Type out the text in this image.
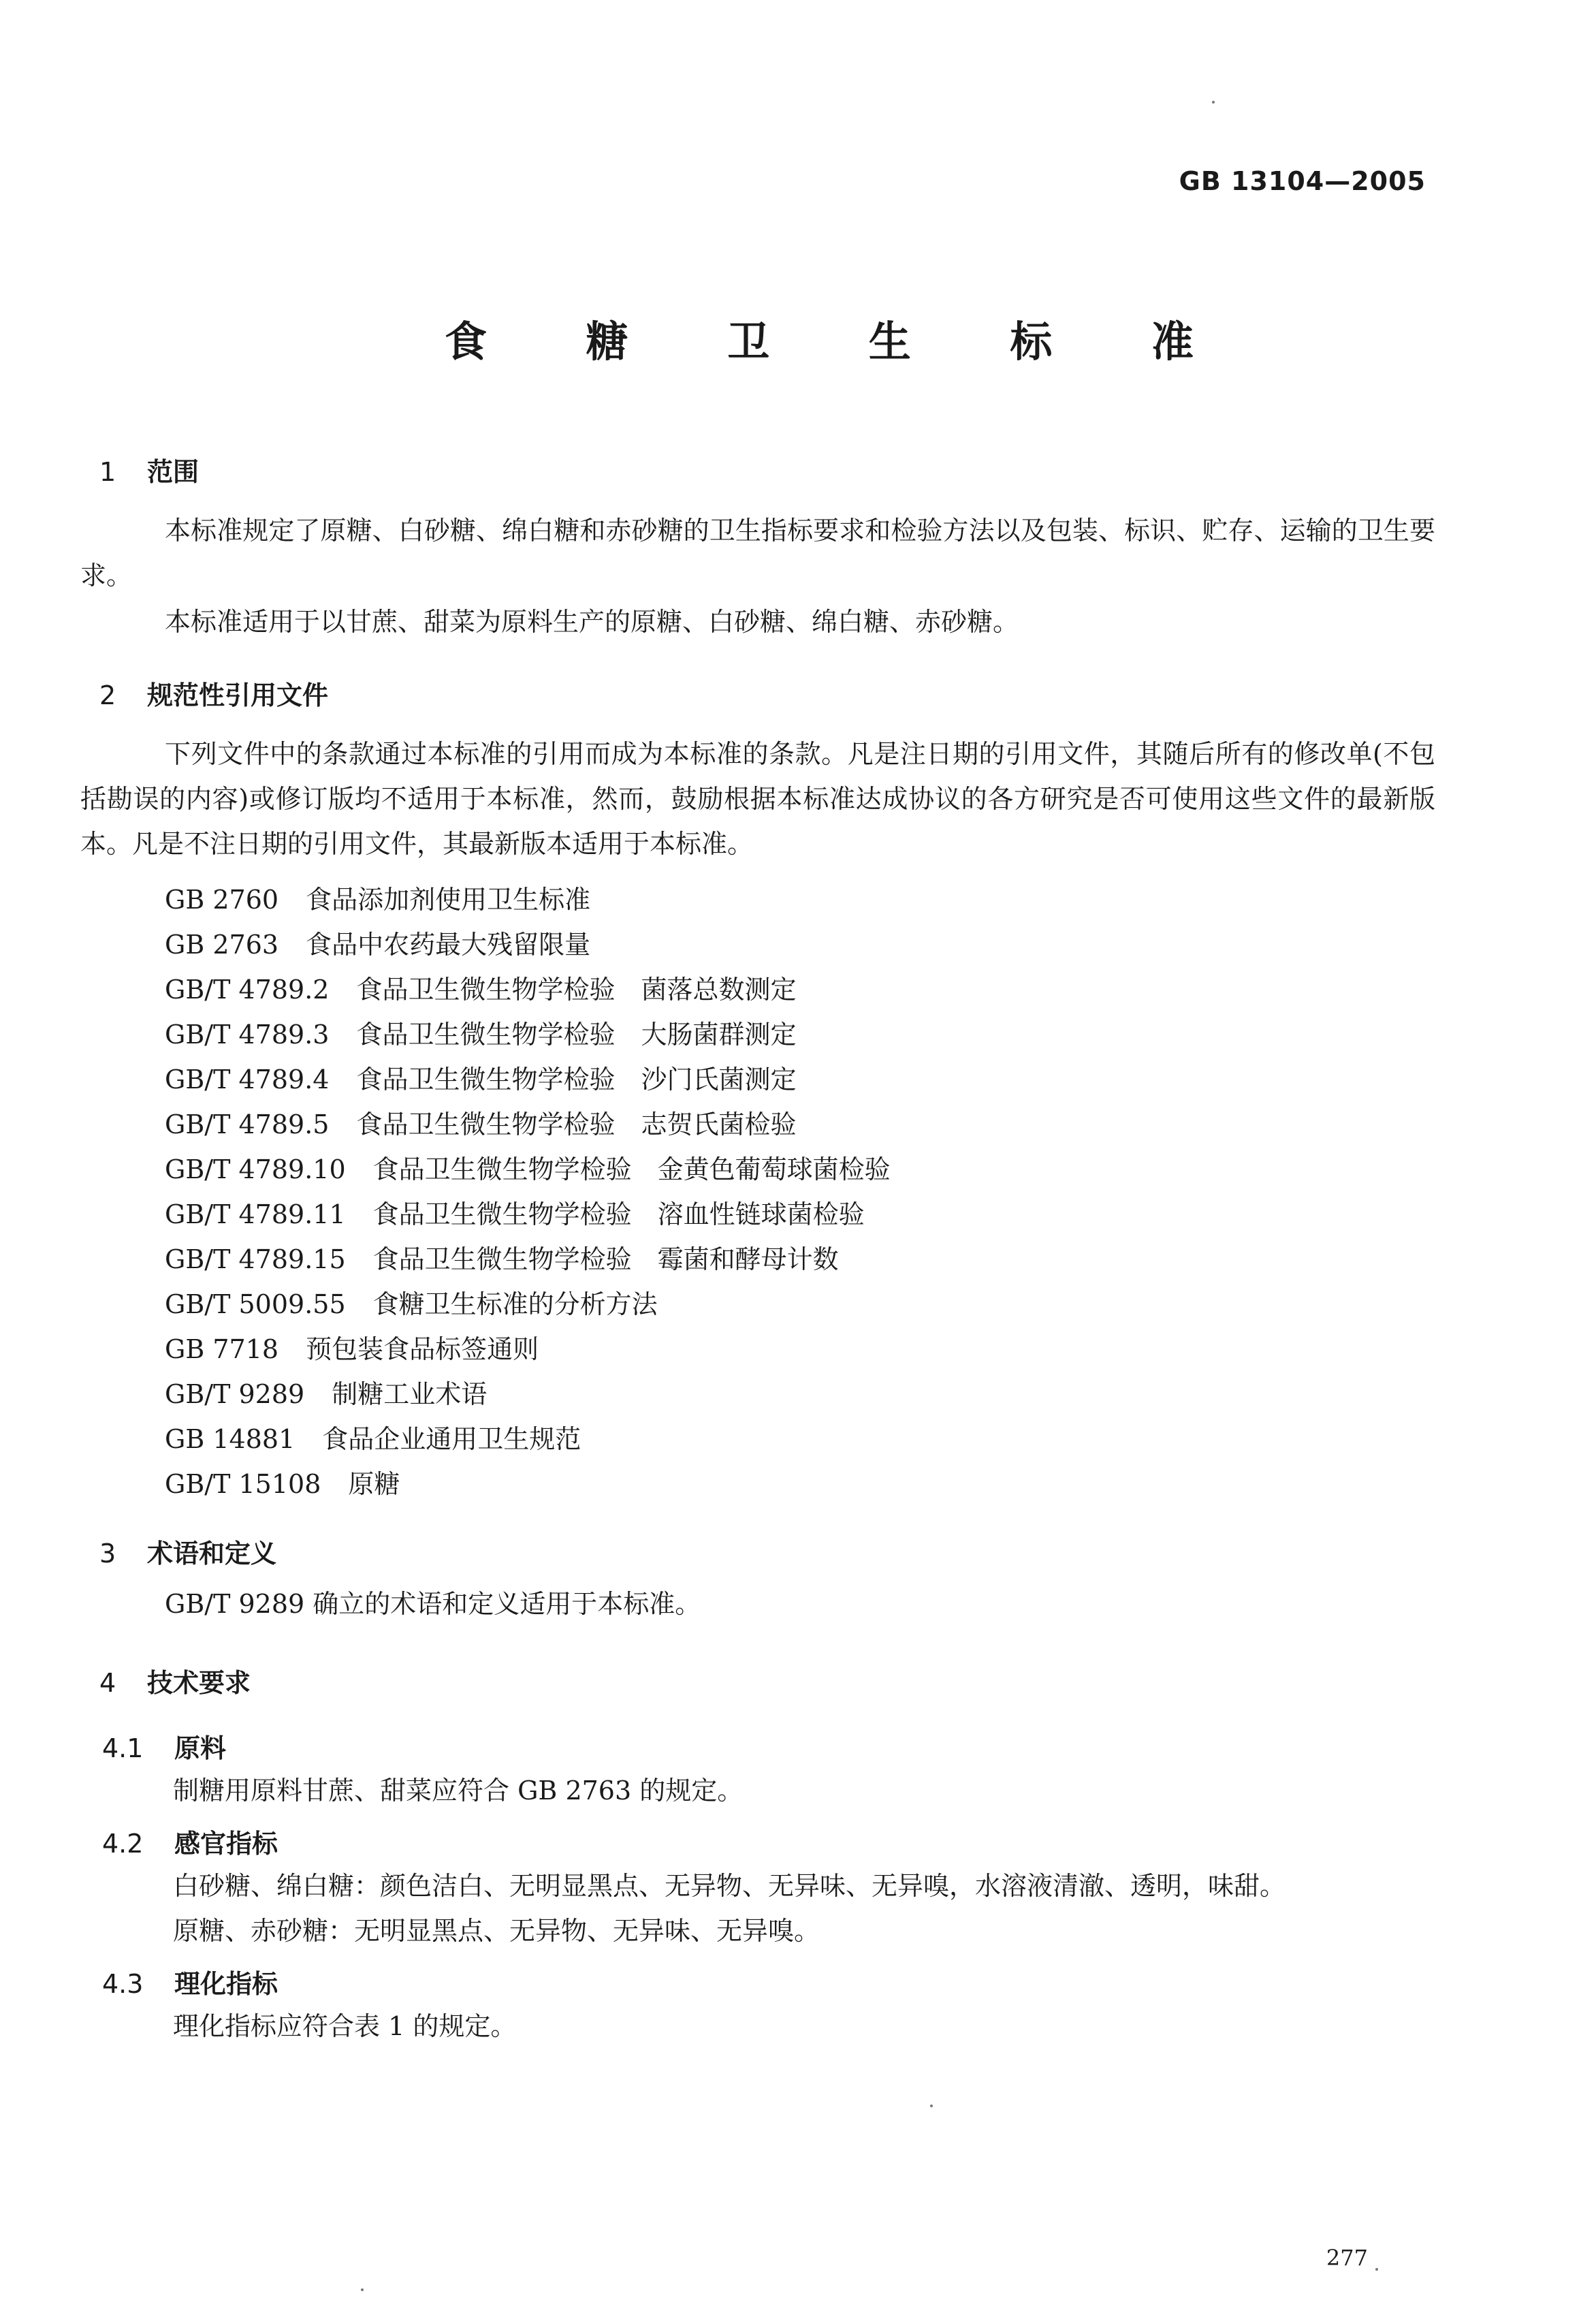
GB 13104—2005
食 糖 卫 生 标 准
1 范围
本标准规定了原糖、白砂糖、绵白糖和赤砂糖的卫生指标要求和检验方法以及包装、标识、贮存、运输的卫生要求。
本标准适用于以甘蔗、甜菜为原料生产的原糖、白砂糖、绵白糖、赤砂糖。
2 规范性引用文件
下列文件中的条款通过本标准的引用而成为本标准的条款。凡是注日期的引用文件，其随后所有的修改单(不包括勘误的内容)或修订版均不适用于本标准，然而，鼓励根据本标准达成协议的各方研究是否可使用这些文件的最新版本。凡是不注日期的引用文件，其最新版本适用于本标准。
GB 2760 食品添加剂使用卫生标准
GB 2763 食品中农药最大残留限量
GB/T 4789.2 食品卫生微生物学检验　菌落总数测定
GB/T 4789.3 食品卫生微生物学检验　大肠菌群测定
GB/T 4789.4 食品卫生微生物学检验　沙门氏菌测定
GB/T 4789.5 食品卫生微生物学检验　志贺氏菌检验
GB/T 4789.10 食品卫生微生物学检验　金黄色葡萄球菌检验
GB/T 4789.11 食品卫生微生物学检验　溶血性链球菌检验
GB/T 4789.15 食品卫生微生物学检验　霉菌和酵母计数
GB/T 5009.55 食糖卫生标准的分析方法
GB 7718 预包装食品标签通则
GB/T 9289 制糖工业术语
GB 14881 食品企业通用卫生规范
GB/T 15108 原糖
3 术语和定义
GB/T 9289 确立的术语和定义适用于本标准。
4 技术要求
4.1 原料
制糖用原料甘蔗、甜菜应符合 GB 2763 的规定。
4.2 感官指标
白砂糖、绵白糖：颜色洁白、无明显黑点、无异物、无异味、无异嗅，水溶液清澈、透明，味甜。
原糖、赤砂糖：无明显黑点、无异物、无异味、无异嗅。
4.3 理化指标
理化指标应符合表 1 的规定。
277
